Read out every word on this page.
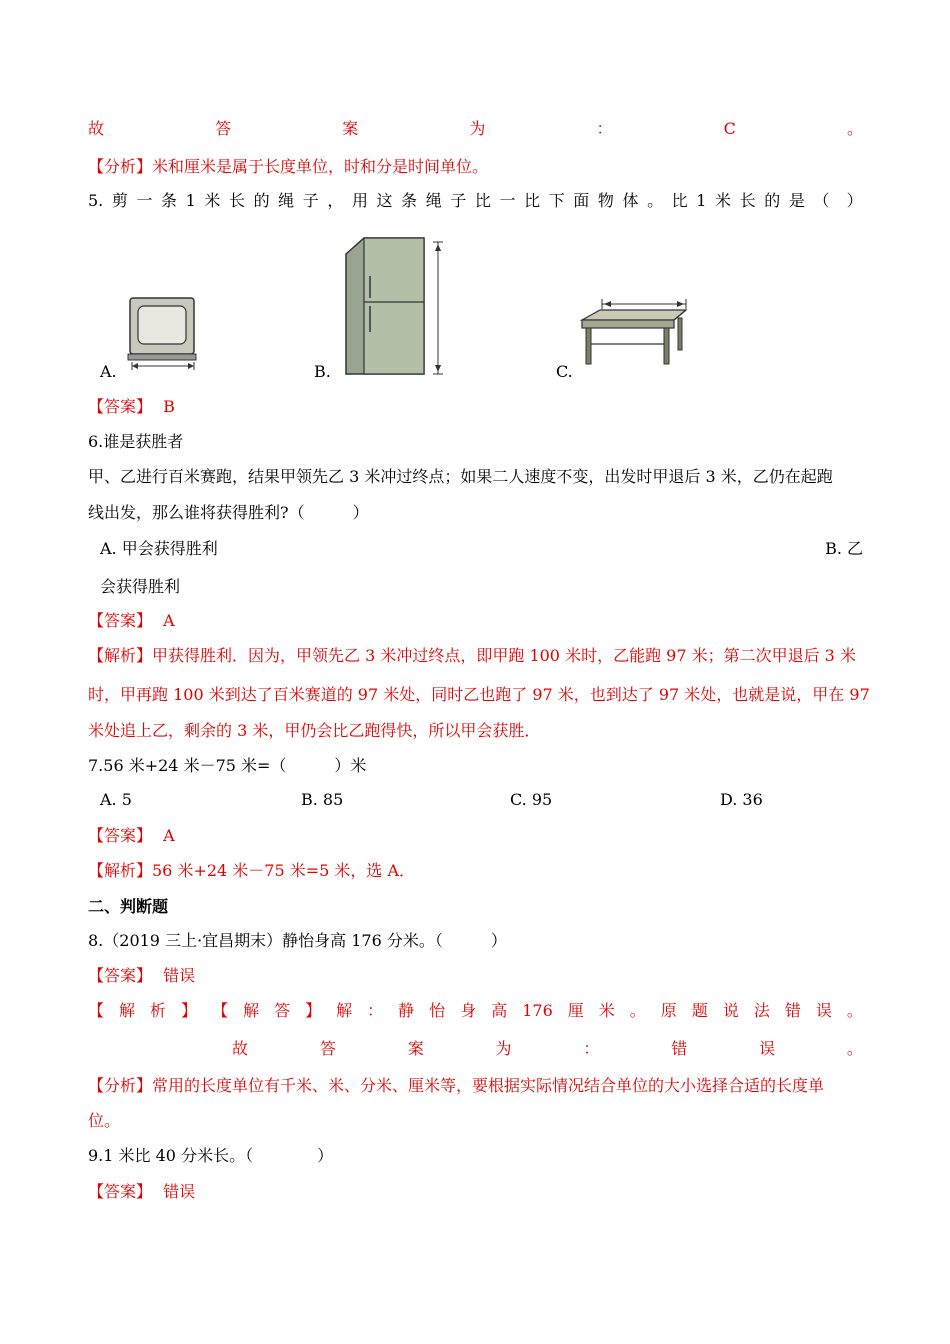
故	答	案	为	：	C	。
【分析】米和厘米是属于长度单位，时和分是时间单位。
5. 剪 一 条 1 米 长 的 绳 子 ， 用 这 条 绳 子 比 一 比 下 面 物 体 。 比 1 米 长 的 是 （ ）
A.	B.	C.
【答案】 B
6.谁是获胜者
甲、乙进行百米赛跑，结果甲领先乙 3 米冲过终点；如果二人速度不变，出发时甲退后 3 米，乙仍在起跑
线出发，那么谁将获得胜利?（　　　）
A. 甲会获得胜利	B. 乙
会获得胜利
【答案】 A
【解析】甲获得胜利．因为，甲领先乙 3 米冲过终点，即甲跑 100 米时，乙能跑 97 米；第二次甲退后 3 米
时，甲再跑 100 米到达了百米赛道的 97 米处，同时乙也跑了 97 米，也到达了 97 米处，也就是说，甲在 97
米处追上乙，剩余的 3 米，甲仍会比乙跑得快，所以甲会获胜．
7.56 米+24 米－75 米=（　　　）米
A. 5	B. 85	C. 95	D. 36
【答案】 A
【解析】56 米+24 米－75 米=5 米，选 A．
二、判断题
8.（2019 三上·宜昌期末）静怡身高 176 分米。（　　　）
【答案】 错误
【 解 析 】 【 解 答 】 解 ： 静 怡 身 高 176 厘 米 。 原 题 说 法 错 误 。
故	答	案	为	：	错	误	。
【分析】常用的长度单位有千米、米、分米、厘米等，要根据实际情况结合单位的大小选择合适的长度单
位。
9.1 米比 40 分米长。（　　　　）
【答案】 错误
